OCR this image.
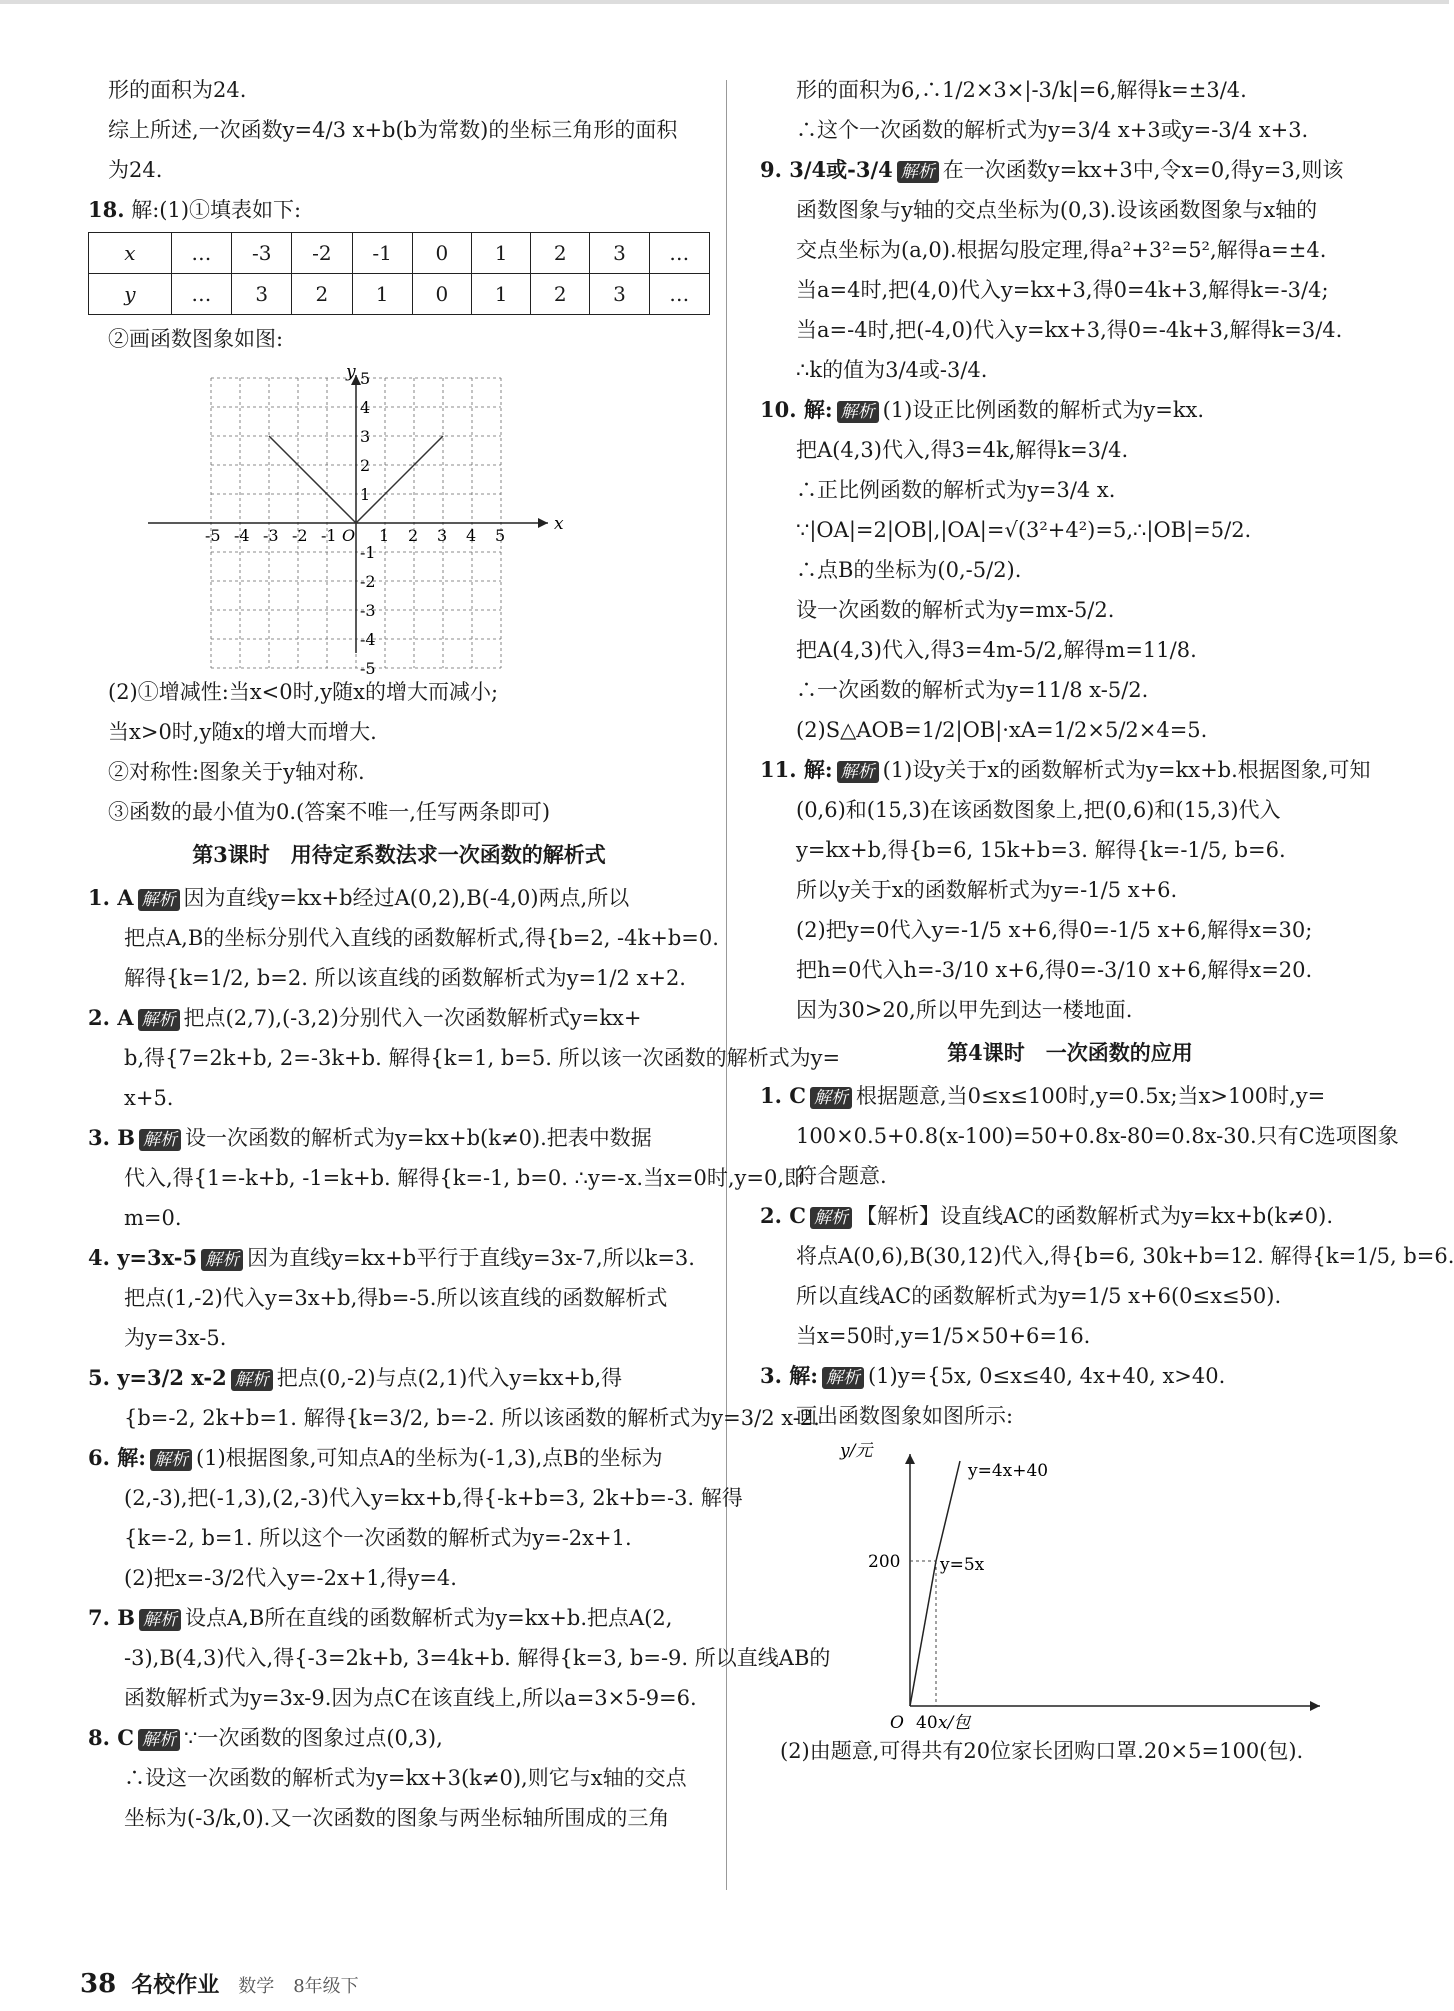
形的面积为24.
综上所述,一次函数y=4/3 x+b(b为常数)的坐标三角形的面积
为24.
18. 解:(1)①填表如下:
x	…	-3	-2	-1	0	1	2	3	…
y	…	3	2	1	0	1	2	3	…
②画函数图象如图:
x
y
O
-5
-5
-4
-4
-3
-3
-2
-2
-1
-1
1
1
2
2
3
3
4
4
5
5
(2)①增减性:当x<0时,y随x的增大而减小;
当x>0时,y随x的增大而增大.
②对称性:图象关于y轴对称.
③函数的最小值为0.(答案不唯一,任写两条即可)
第3课时　用待定系数法求一次函数的解析式
1. A 解析 因为直线y=kx+b经过A(0,2),B(-4,0)两点,所以
把点A,B的坐标分别代入直线的函数解析式,得{b=2, -4k+b=0.
解得{k=1/2, b=2. 所以该直线的函数解析式为y=1/2 x+2.
2. A 解析 把点(2,7),(-3,2)分别代入一次函数解析式y=kx+
b,得{7=2k+b, 2=-3k+b. 解得{k=1, b=5. 所以该一次函数的解析式为y=
x+5.
3. B 解析 设一次函数的解析式为y=kx+b(k≠0).把表中数据
代入,得{1=-k+b, -1=k+b. 解得{k=-1, b=0. ∴y=-x.当x=0时,y=0,即
m=0.
4. y=3x-5 解析 因为直线y=kx+b平行于直线y=3x-7,所以k=3.
把点(1,-2)代入y=3x+b,得b=-5.所以该直线的函数解析式
为y=3x-5.
5. y=3/2 x-2 解析 把点(0,-2)与点(2,1)代入y=kx+b,得
{b=-2, 2k+b=1. 解得{k=3/2, b=-2. 所以该函数的解析式为y=3/2 x-2.
6. 解: 解析 (1)根据图象,可知点A的坐标为(-1,3),点B的坐标为
(2,-3),把(-1,3),(2,-3)代入y=kx+b,得{-k+b=3, 2k+b=-3. 解得
{k=-2, b=1. 所以这个一次函数的解析式为y=-2x+1.
(2)把x=-3/2代入y=-2x+1,得y=4.
7. B 解析 设点A,B所在直线的函数解析式为y=kx+b.把点A(2,
-3),B(4,3)代入,得{-3=2k+b, 3=4k+b. 解得{k=3, b=-9. 所以直线AB的
函数解析式为y=3x-9.因为点C在该直线上,所以a=3×5-9=6.
8. C 解析 ∵一次函数的图象过点(0,3),
∴设这一次函数的解析式为y=kx+3(k≠0),则它与x轴的交点
坐标为(-3/k,0).又一次函数的图象与两坐标轴所围成的三角
形的面积为6,∴1/2×3×|-3/k|=6,解得k=±3/4.
∴这个一次函数的解析式为y=3/4 x+3或y=-3/4 x+3.
9. 3/4或-3/4 解析 在一次函数y=kx+3中,令x=0,得y=3,则该
函数图象与y轴的交点坐标为(0,3).设该函数图象与x轴的
交点坐标为(a,0).根据勾股定理,得a²+3²=5²,解得a=±4.
当a=4时,把(4,0)代入y=kx+3,得0=4k+3,解得k=-3/4;
当a=-4时,把(-4,0)代入y=kx+3,得0=-4k+3,解得k=3/4.
∴k的值为3/4或-3/4.
10. 解: 解析 (1)设正比例函数的解析式为y=kx.
把A(4,3)代入,得3=4k,解得k=3/4.
∴正比例函数的解析式为y=3/4 x.
∵|OA|=2|OB|,|OA|=√(3²+4²)=5,∴|OB|=5/2.
∴点B的坐标为(0,-5/2).
设一次函数的解析式为y=mx-5/2.
把A(4,3)代入,得3=4m-5/2,解得m=11/8.
∴一次函数的解析式为y=11/8 x-5/2.
(2)S△AOB=1/2|OB|·xA=1/2×5/2×4=5.
11. 解: 解析 (1)设y关于x的函数解析式为y=kx+b.根据图象,可知
(0,6)和(15,3)在该函数图象上,把(0,6)和(15,3)代入
y=kx+b,得{b=6, 15k+b=3. 解得{k=-1/5, b=6.
所以y关于x的函数解析式为y=-1/5 x+6.
(2)把y=0代入y=-1/5 x+6,得0=-1/5 x+6,解得x=30;
把h=0代入h=-3/10 x+6,得0=-3/10 x+6,解得x=20.
因为30>20,所以甲先到达一楼地面.
第4课时　一次函数的应用
1. C 解析 根据题意,当0≤x≤100时,y=0.5x;当x>100时,y=
100×0.5+0.8(x-100)=50+0.8x-80=0.8x-30.只有C选项图象
符合题意.
2. C 解析 【解析】设直线AC的函数解析式为y=kx+b(k≠0).
将点A(0,6),B(30,12)代入,得{b=6, 30k+b=12. 解得{k=1/5, b=6.
所以直线AC的函数解析式为y=1/5 x+6(0≤x≤50).
当x=50时,y=1/5×50+6=16.
3. 解: 解析 (1)y={5x, 0≤x≤40, 4x+40, x>40.
画出函数图象如图所示:
y/元
x/包
O 40
200
y=4x+40
y=5x
(2)由题意,可得共有20位家长团购口罩.20×5=100(包).
38 名校作业 数学 8年级下
